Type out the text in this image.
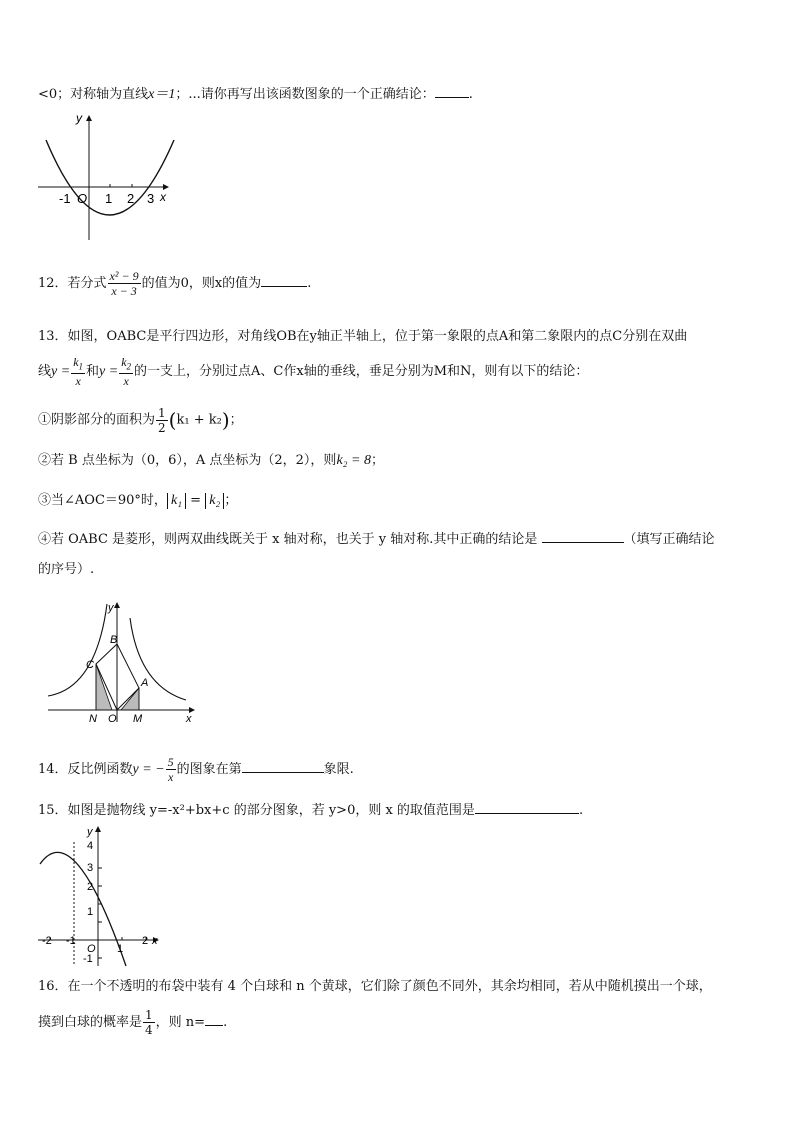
<0；对称轴为直线x＝1；...请你再写出该函数图象的一个正确结论：	.
y
x
-1 O 1 2 3
12．若分式 $\frac{\text{x² − 9}}{x - 3}$ 的值为0，则x的值为	.
13．如图，OABC是平行四边形，对角线OB在y轴正半轴上，位于第一象限的点A和第二象限内的点C分别在双曲
线$y = \frac{k_1}{x}$ 和$y = \frac{k_2}{x}$ 的一支上，分别过点A、C作x轴的垂线，垂足分别为M和N，则有以下的结论：
①阴影部分的面积为 $\frac{1}{2} (k_1 + k_2)$；
②若 B 点坐标为（0，6），A 点坐标为（2，2），则k₂ = 8；
③当∠AOC＝90°时， k₁ = k₂ ；
④若 OABC 是菱形，则两双曲线既关于 x 轴对称，也关于 y 轴对称.其中正确的结论是	（填写正确结论
的序号）.
y
B
C
A
N O M	x
14．反比例函数y = − $\frac{5}{x}$ 的图象在第	象限.
15．如图是抛物线 y=-x²+bx+c 的部分图象，若 y>0，则 x 的取值范围是	.
y
4
3
2
1
-1
-2 -1
O 1
2 x
16．在一个不透明的布袋中装有 4 个白球和 n 个黄球，它们除了颜色不同外，其余均相同，若从中随机摸出一个球，
摸到白球的概率是 $\frac{1}{4}$ ，则 n= .
